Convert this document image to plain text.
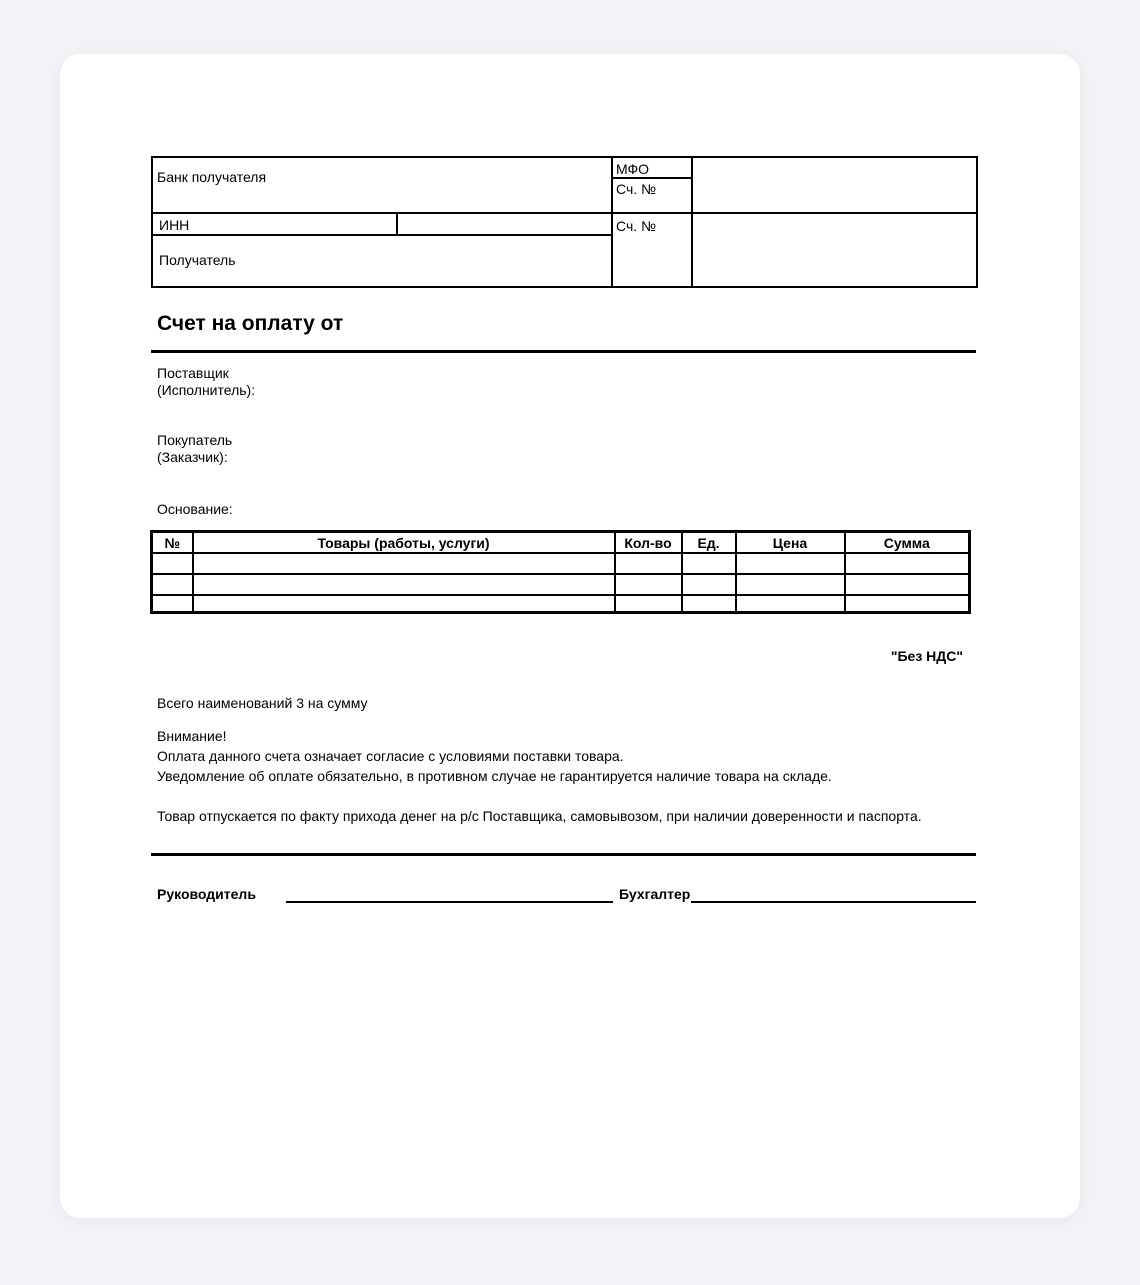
Банк получателя		МФО
Сч. №	

ИНН		Сч. №	

Получатель			
Счет на оплату от
Поставщик
(Исполнитель):
Покупатель
(Заказчик):
Основание:
№	Товары (работы, услуги)	Кол-во	Ед.	Цена	Сумма

"Без НДС"
Всего наименований 3 на сумму
Внимание!
Оплата данного счета означает согласие с условиями поставки товара.
Уведомление об оплате обязательно, в противном случае не гарантируется наличие товара на складе.
Товар отпускается по факту прихода денег на р/с Поставщика, самовывозом, при наличии доверенности и паспорта.
Руководитель	Бухгалтер
